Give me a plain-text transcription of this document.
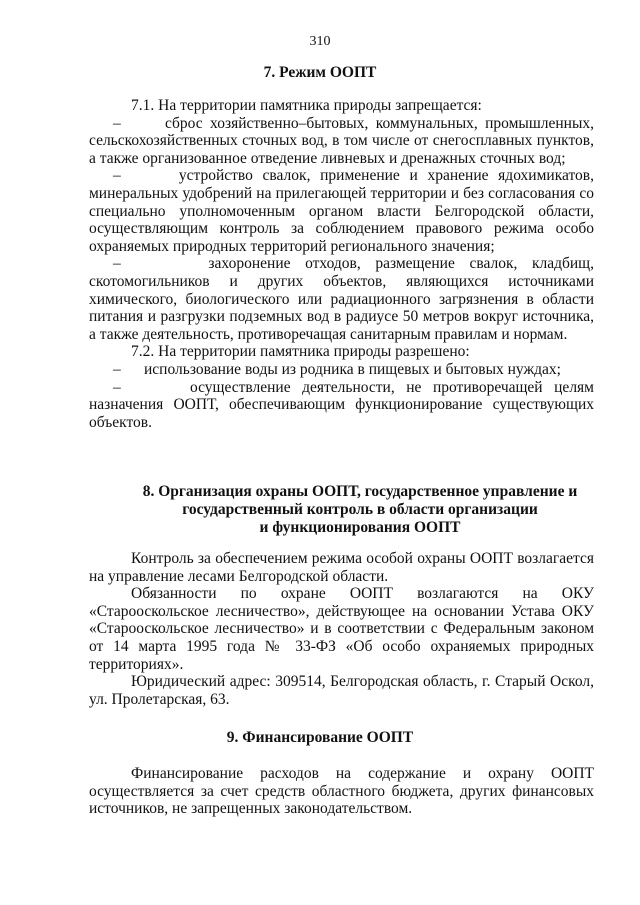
310
7. Режим ООПТ

7.1. На территории памятника природы запрещается:

–      сброс хозяйственно–бытовых, коммунальных, промышленных, сельскохозяйственных сточных вод, в том числе от снегосплавных пунктов, а также организованное отведение ливневых и дренажных сточных вод;

–      устройство свалок, применение и хранение ядохимикатов, минеральных удобрений на прилегающей территории и без согласования со специально уполномоченным органом власти Белгородской области, осуществляющим контроль за соблюдением правового режима особо охраняемых природных территорий регионального значения;

–      захоронение отходов, размещение свалок, кладбищ, скотомогильников и других объектов, являющихся источниками химического, биологического или радиационного загрязнения в области питания и разгрузки подземных вод в радиусе 50 метров вокруг источника, а также деятельность, противоречащая санитарным правилам и нормам.

7.2. На территории памятника природы разрешено:

–      использование воды из родника в пищевых и бытовых нуждах;

–      осуществление деятельности, не противоречащей целям назначения ООПТ, обеспечивающим функционирование существующих объектов.

8. Организация охраны ООПТ, государственное управление и
государственный контроль в области организации
и функционирования ООПТ

Контроль за обеспечением режима особой охраны ООПТ возлагается на управление лесами Белгородской области.

Обязанности по охране ООПТ возлагаются на ОКУ «Старооскольское лесничество», действующее на основании Устава ОКУ «Старооскольское лесничество» и в соответствии с Федеральным законом от 14 марта 1995 года № 33-ФЗ «Об особо охраняемых природных территориях».

Юридический адрес: 309514, Белгородская область, г. Старый Оскол, ул. Пролетарская, 63.

9. Финансирование ООПТ

Финансирование расходов на содержание и охрану ООПТ осуществляется за счет средств областного бюджета, других финансовых источников, не запрещенных законодательством.
